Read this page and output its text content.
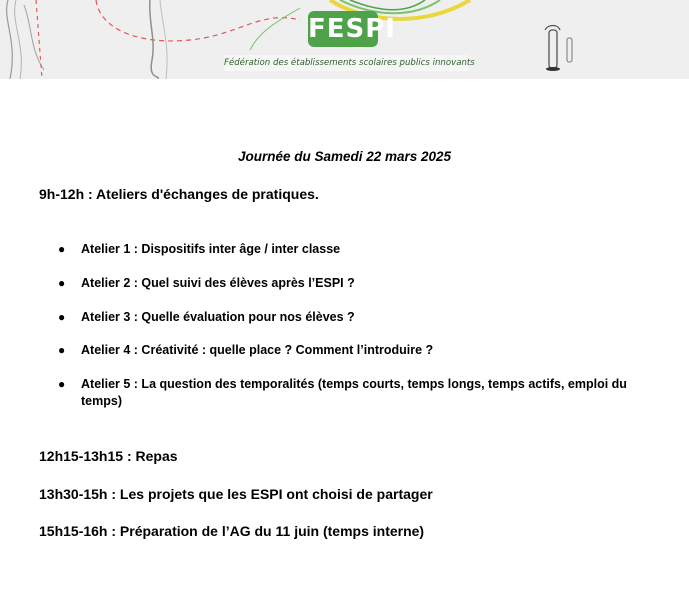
FESPI
Fédération des établissements scolaires publics innovants
Journée du Samedi 22 mars 2025
9h-12h : Ateliers d'échanges de pratiques.
● Atelier 1 : Dispositifs inter âge / inter classe
● Atelier 2 : Quel suivi des élèves après l’ESPI ?
● Atelier 3 : Quelle évaluation pour nos élèves ?
● Atelier 4 : Créativité : quelle place ? Comment l’introduire ?
● Atelier 5 : La question des temporalités (temps courts, temps longs, temps actifs, emploi du temps)
12h15-13h15 : Repas
13h30-15h : Les projets que les ESPI ont choisi de partager
15h15-16h : Préparation de l’AG du 11 juin (temps interne)
